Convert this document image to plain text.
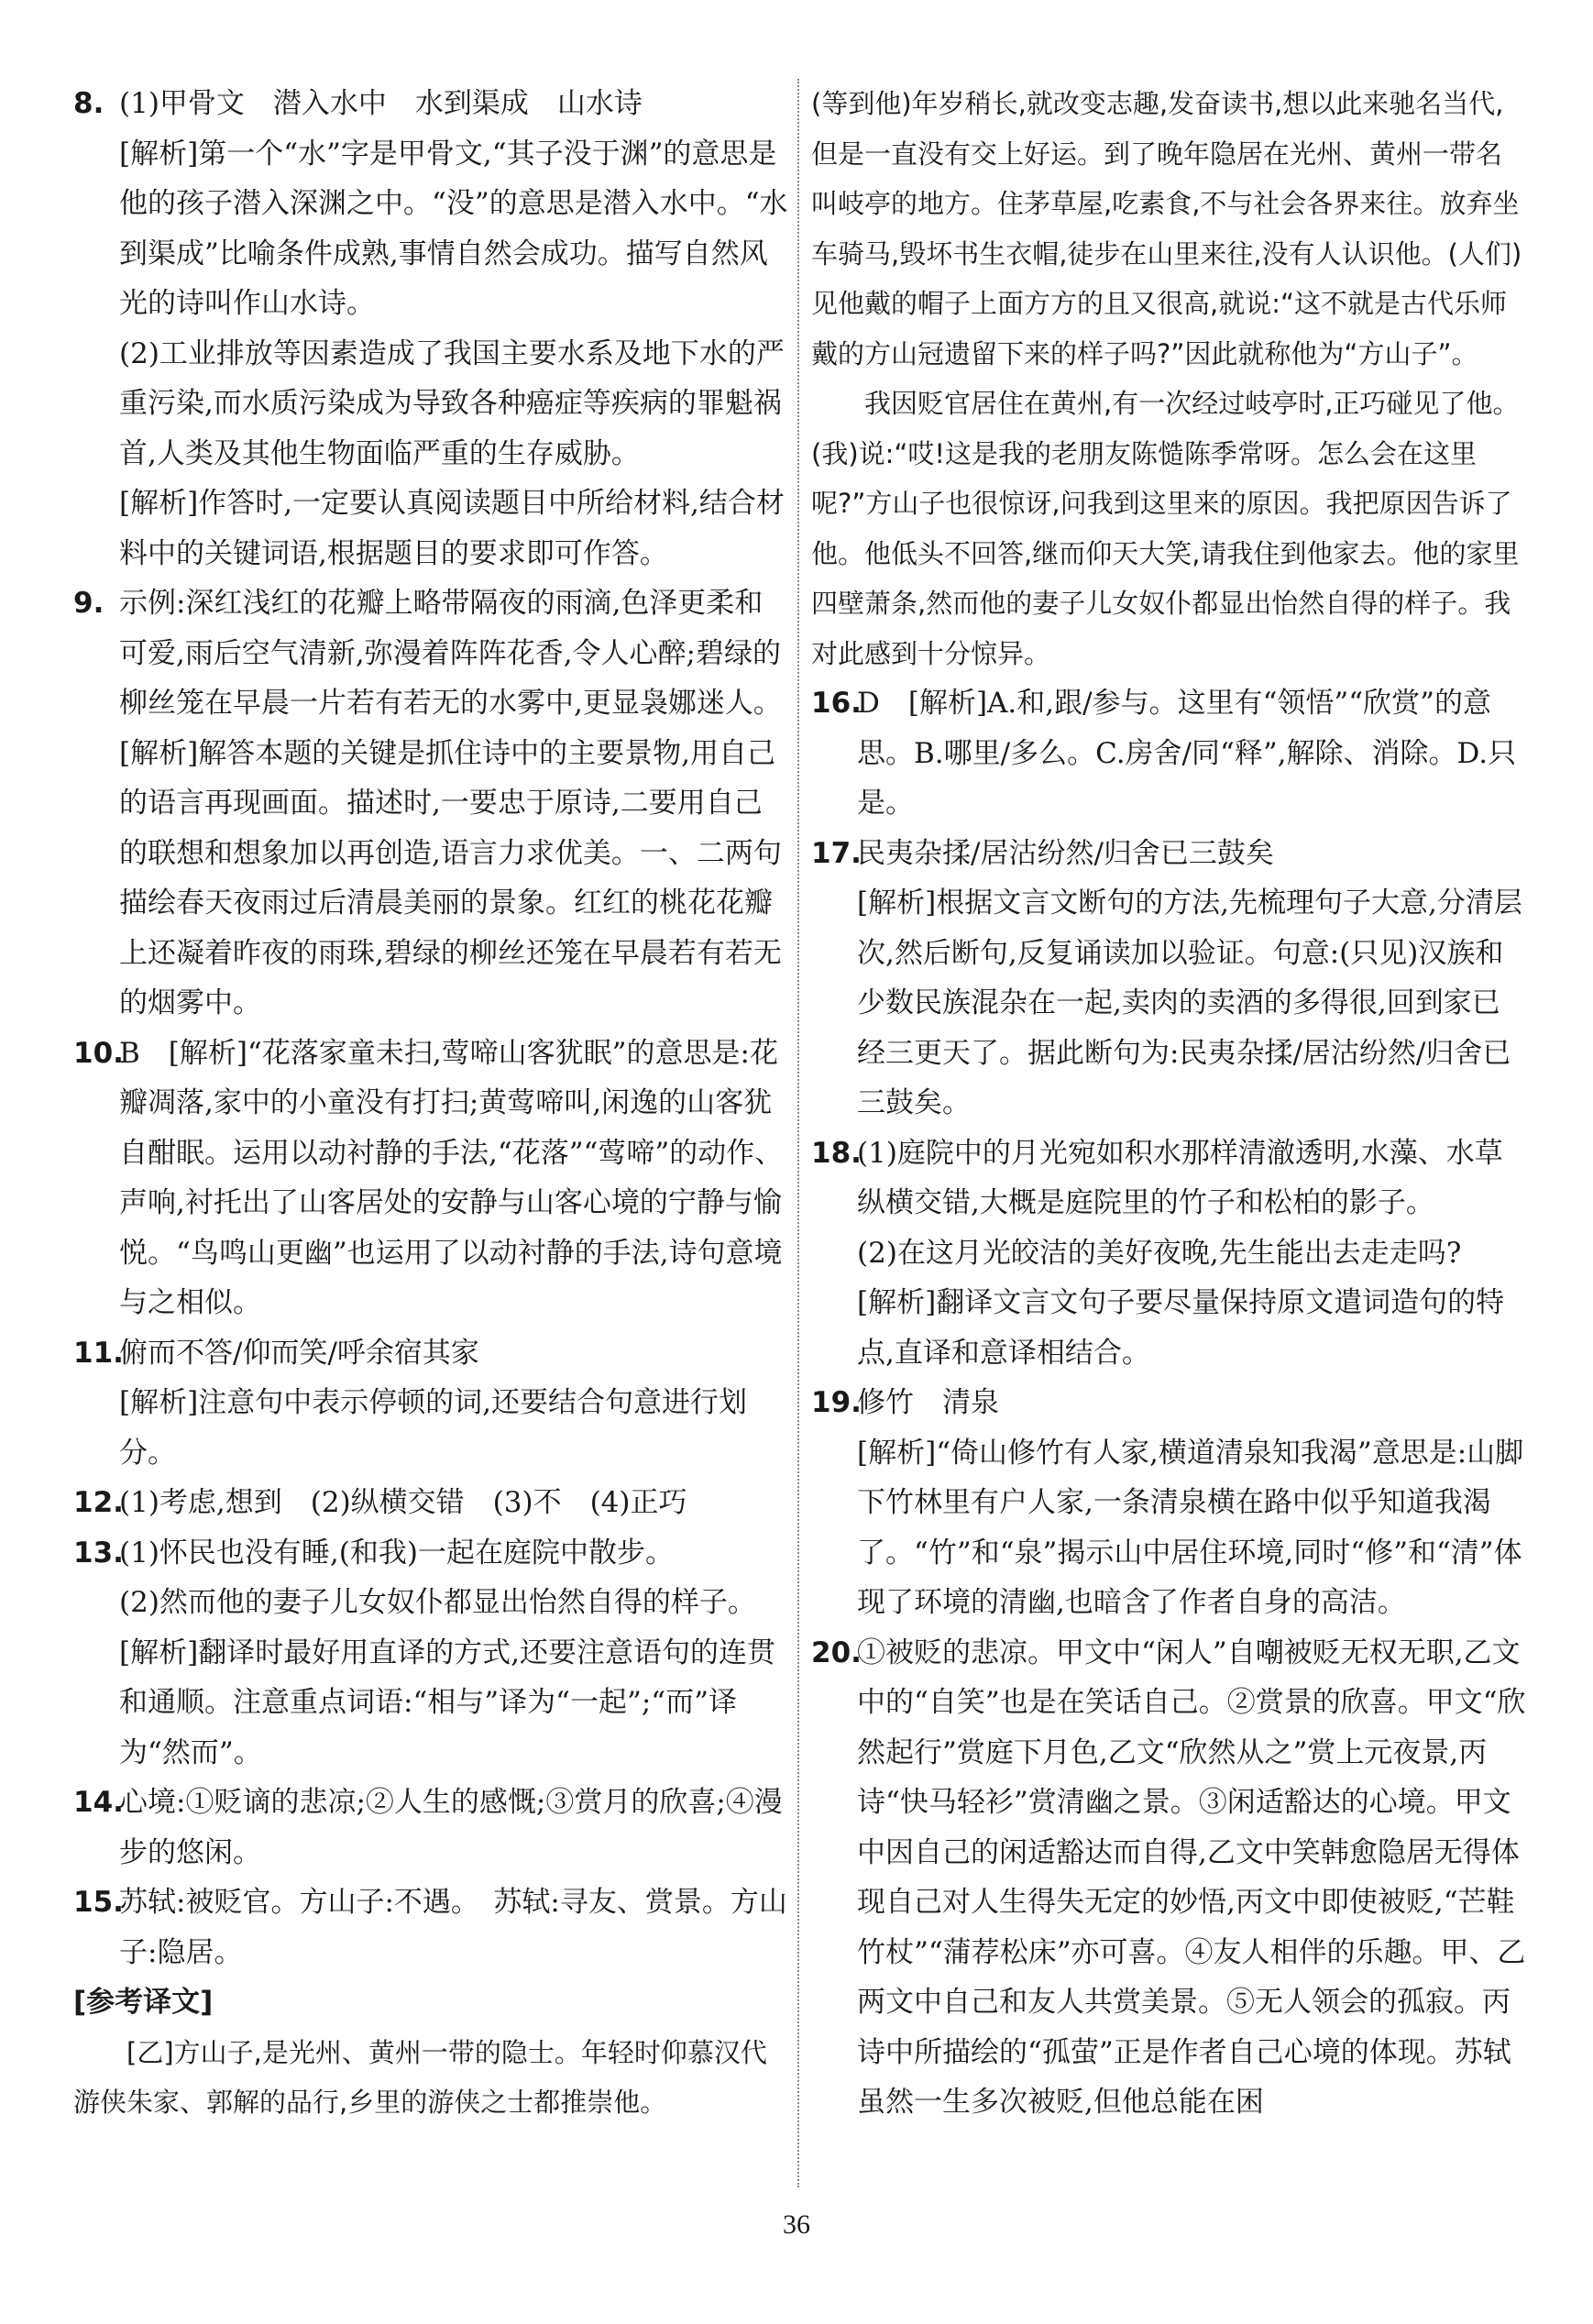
8. (1)甲骨文　潜入水中　水到渠成　山水诗

[解析]第一个“水”字是甲骨文,“其子没于渊”的意思是他的孩子潜入深渊之中。“没”的意思是潜入水中。“水到渠成”比喻条件成熟,事情自然会成功。描写自然风光的诗叫作山水诗。

(2)工业排放等因素造成了我国主要水系及地下水的严重污染,而水质污染成为导致各种癌症等疾病的罪魁祸首,人类及其他生物面临严重的生存威胁。

[解析]作答时,一定要认真阅读题目中所给材料,结合材料中的关键词语,根据题目的要求即可作答。

9. 示例:深红浅红的花瓣上略带隔夜的雨滴,色泽更柔和可爱,雨后空气清新,弥漫着阵阵花香,令人心醉;碧绿的柳丝笼在早晨一片若有若无的水雾中,更显袅娜迷人。

[解析]解答本题的关键是抓住诗中的主要景物,用自己的语言再现画面。描述时,一要忠于原诗,二要用自己的联想和想象加以再创造,语言力求优美。一、二两句描绘春天夜雨过后清晨美丽的景象。红红的桃花花瓣上还凝着昨夜的雨珠,碧绿的柳丝还笼在早晨若有若无的烟雾中。

10.

B　[解析]“花落家童未扫,莺啼山客犹眠”的意思是:花瓣凋落,家中的小童没有打扫;黄莺啼叫,闲逸的山客犹自酣眠。运用以动衬静的手法,“花落”“莺啼”的动作、声响,衬托出了山客居处的安静与山客心境的宁静与愉悦。“鸟鸣山更幽”也运用了以动衬静的手法,诗句意境与之相似。

11.

俯而不答/仰而笑/呼余宿其家

[解析]注意句中表示停顿的词,还要结合句意进行划分。

12.

(1)考虑,想到　(2)纵横交错　(3)不　(4)正巧

13.

(1)怀民也没有睡,(和我)一起在庭院中散步。

(2)然而他的妻子儿女奴仆都显出怡然自得的样子。

[解析]翻译时最好用直译的方式,还要注意语句的连贯和通顺。注意重点词语:“相与”译为“一起”;“而”译为“然而”。

14.

心境:①贬谪的悲凉;②人生的感慨;③赏月的欣喜;④漫步的悠闲。

15.

苏轼:被贬官。方山子:不遇。　苏轼:寻友、赏景。方山子:隐居。

[参考译文]

[乙]方山子,是光州、黄州一带的隐士。年轻时仰慕汉代游侠朱家、郭解的品行,乡里的游侠之士都推崇他。

(等到他)年岁稍长,就改变志趣,发奋读书,想以此来驰名当代,但是一直没有交上好运。到了晚年隐居在光州、黄州一带名叫岐亭的地方。住茅草屋,吃素食,不与社会各界来往。放弃坐车骑马,毁坏书生衣帽,徒步在山里来往,没有人认识他。(人们)见他戴的帽子上面方方的且又很高,就说:“这不就是古代乐师戴的方山冠遗留下来的样子吗?”因此就称他为“方山子”。

我因贬官居住在黄州,有一次经过岐亭时,正巧碰见了他。(我)说:“哎!这是我的老朋友陈慥陈季常呀。怎么会在这里呢?”方山子也很惊讶,问我到这里来的原因。我把原因告诉了他。他低头不回答,继而仰天大笑,请我住到他家去。他的家里四壁萧条,然而他的妻子儿女奴仆都显出怡然自得的样子。我对此感到十分惊异。

16.

D　[解析]A.和,跟/参与。这里有“领悟”“欣赏”的意思。B.哪里/多么。C.房舍/同“释”,解除、消除。D.只是。

17.

民夷杂揉/居沽纷然/归舍已三鼓矣

[解析]根据文言文断句的方法,先梳理句子大意,分清层次,然后断句,反复诵读加以验证。句意:(只见)汉族和少数民族混杂在一起,卖肉的卖酒的多得很,回到家已经三更天了。据此断句为:民夷杂揉/居沽纷然/归舍已三鼓矣。

18.

(1)庭院中的月光宛如积水那样清澈透明,水藻、水草纵横交错,大概是庭院里的竹子和松柏的影子。

(2)在这月光皎洁的美好夜晚,先生能出去走走吗?

[解析]翻译文言文句子要尽量保持原文遣词造句的特点,直译和意译相结合。

19.

修竹　清泉

[解析]“倚山修竹有人家,横道清泉知我渴”意思是:山脚下竹林里有户人家,一条清泉横在路中似乎知道我渴了。“竹”和“泉”揭示山中居住环境,同时“修”和“清”体现了环境的清幽,也暗含了作者自身的高洁。

20.

①被贬的悲凉。甲文中“闲人”自嘲被贬无权无职,乙文中的“自笑”也是在笑话自己。②赏景的欣喜。甲文“欣然起行”赏庭下月色,乙文“欣然从之”赏上元夜景,丙诗“快马轻衫”赏清幽之景。③闲适豁达的心境。甲文中因自己的闲适豁达而自得,乙文中笑韩愈隐居无得体现自己对人生得失无定的妙悟,丙文中即使被贬,“芒鞋竹杖”“蒲荐松床”亦可喜。④友人相伴的乐趣。甲、乙两文中自己和友人共赏美景。⑤无人领会的孤寂。丙诗中所描绘的“孤萤”正是作者自己心境的体现。苏轼虽然一生多次被贬,但他总能在困

36
